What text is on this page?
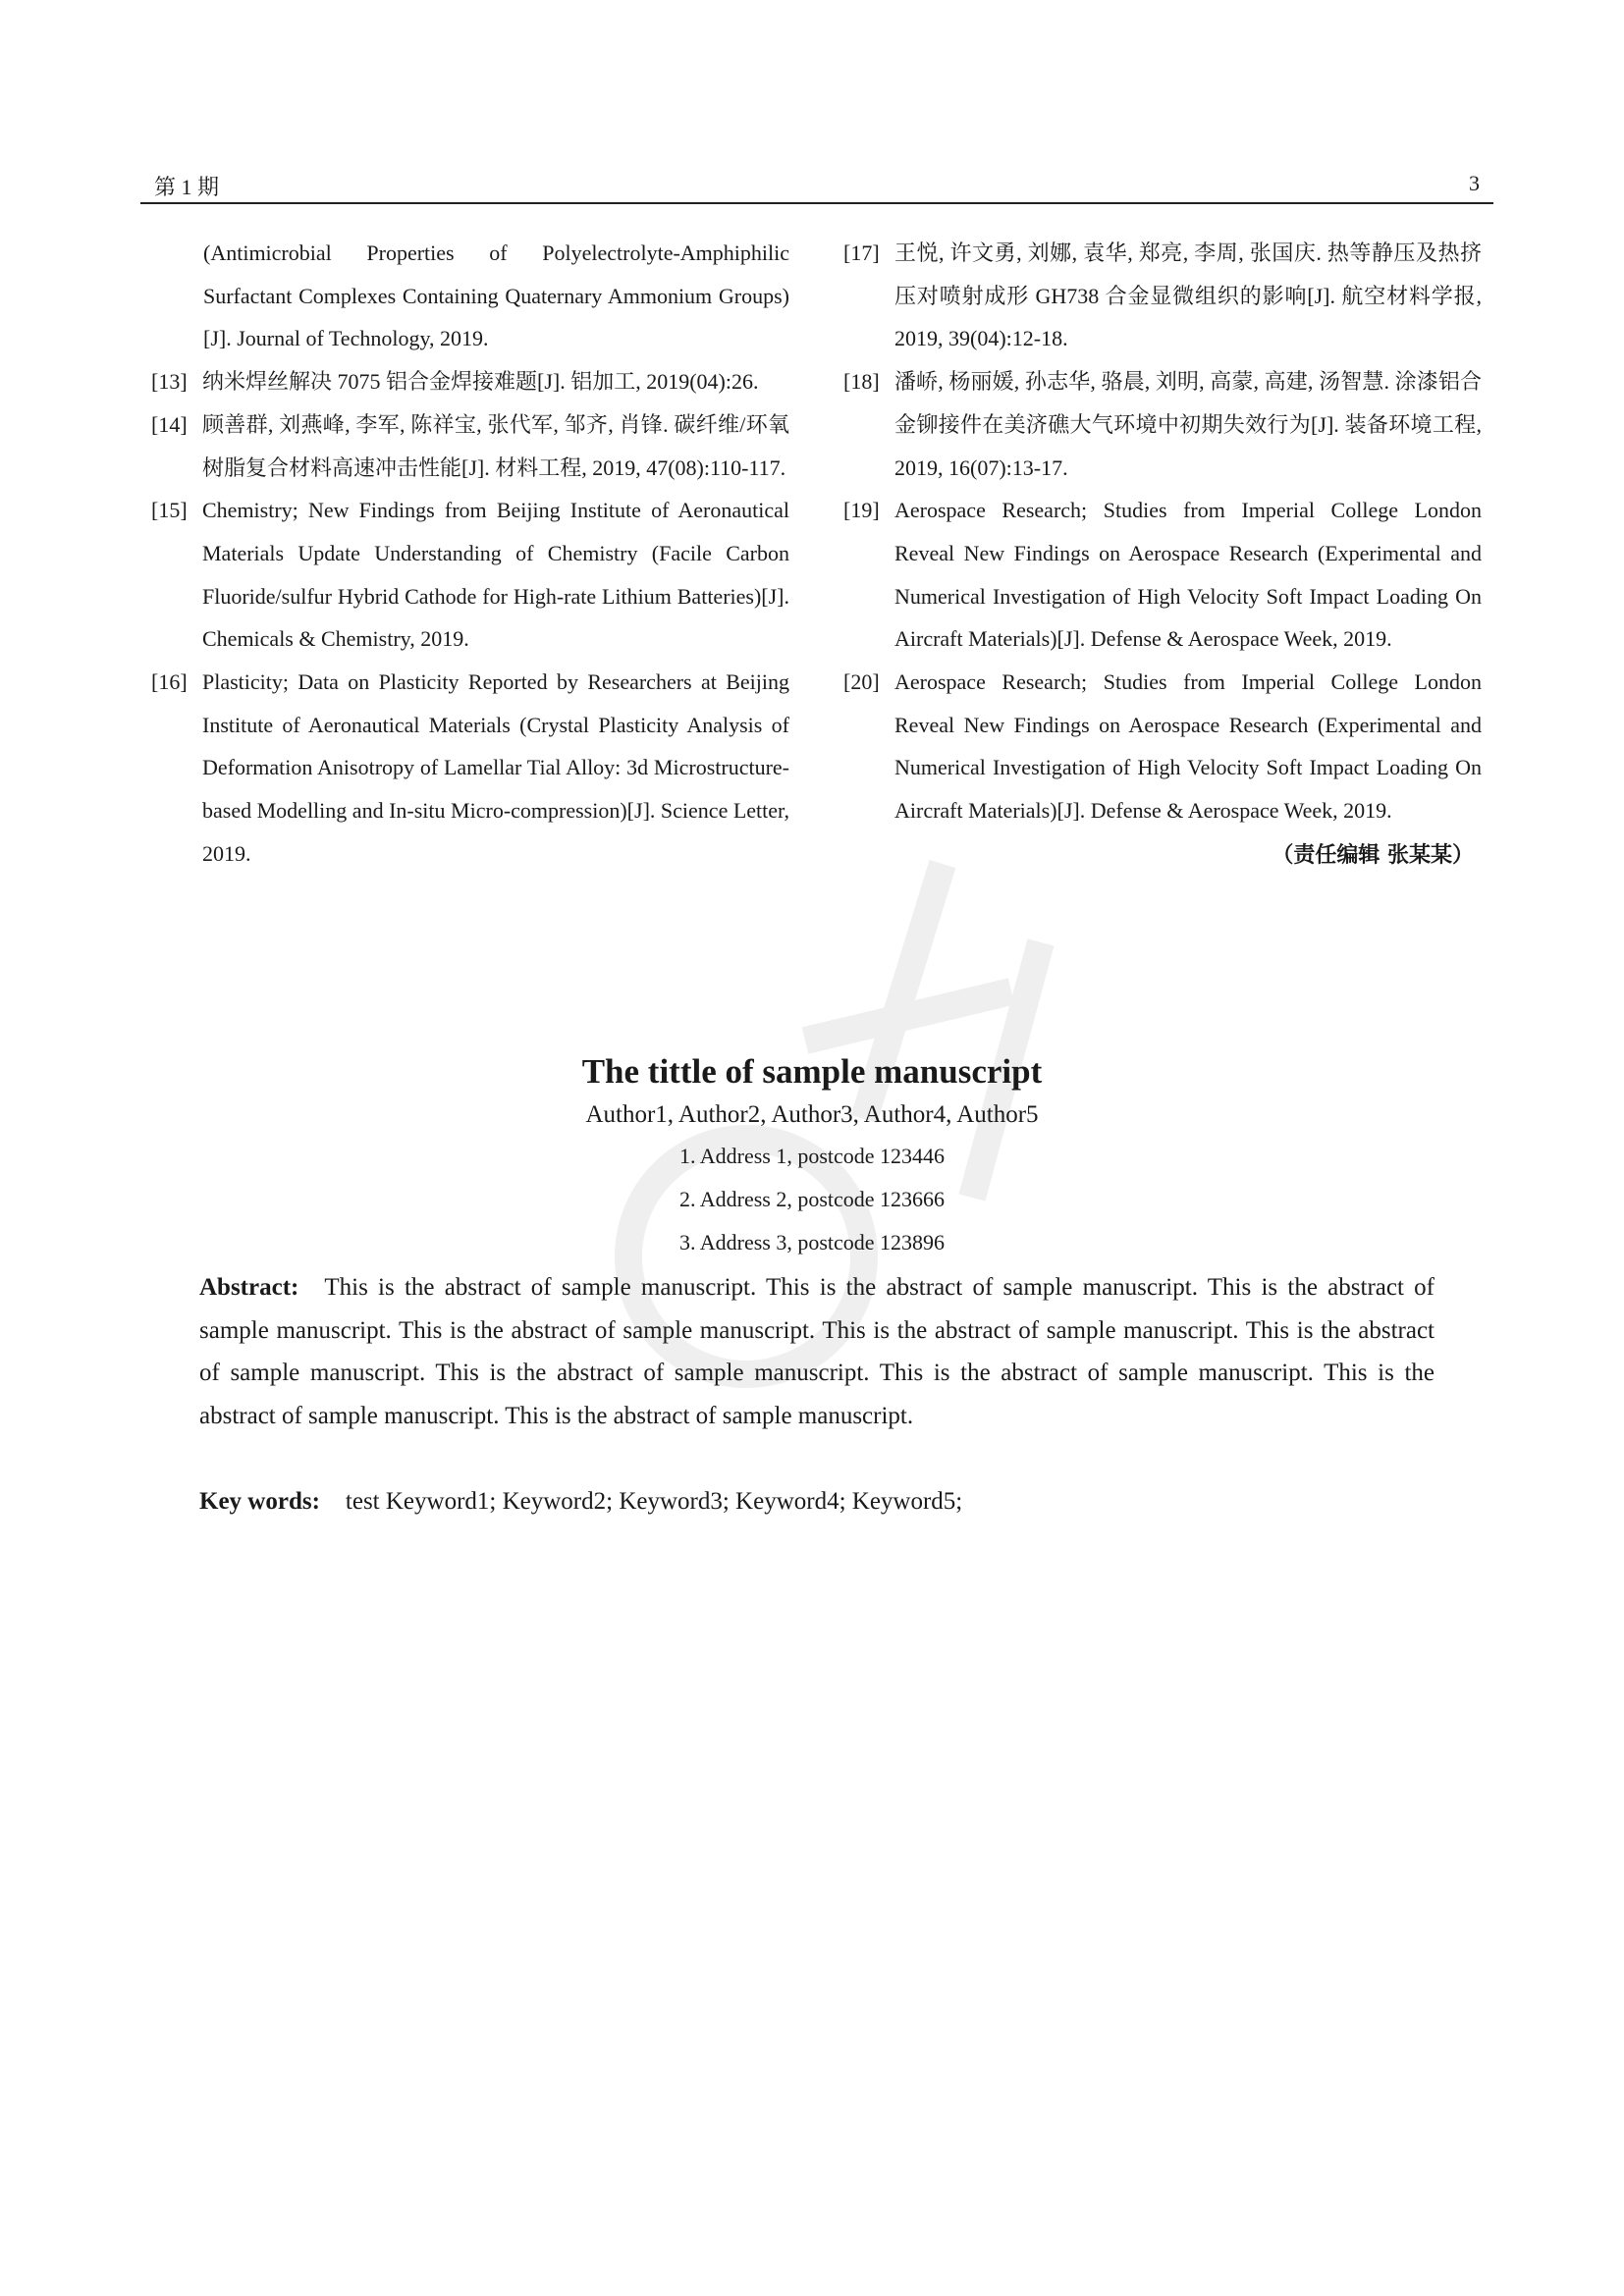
第 1 期	3
(Antimicrobial Properties of Polyelectrolyte-Amphiphilic Surfactant Complexes Containing Quaternary Ammonium Groups)[J]. Journal of Technology, 2019.
[13] 纳米焊丝解决 7075 铝合金焊接难题[J]. 铝加工, 2019(04):26.
[14] 顾善群, 刘燕峰, 李军, 陈祥宝, 张代军, 邹齐, 肖锋. 碳纤维/环氧树脂复合材料高速冲击性能[J]. 材料工程, 2019, 47(08):110-117.
[15] Chemistry; New Findings from Beijing Institute of Aeronautical Materials Update Understanding of Chemistry (Facile Carbon Fluoride/sulfur Hybrid Cathode for High-rate Lithium Batteries)[J]. Chemicals & Chemistry, 2019.
[16] Plasticity; Data on Plasticity Reported by Researchers at Beijing Institute of Aeronautical Materials (Crystal Plasticity Analysis of Deformation Anisotropy of Lamellar Tial Alloy: 3d Microstructure-based Modelling and In-situ Micro-compression)[J]. Science Letter, 2019.
[17] 王悦, 许文勇, 刘娜, 袁华, 郑亮, 李周, 张国庆. 热等静压及热挤压对喷射成形 GH738 合金显微组织的影响[J]. 航空材料学报, 2019, 39(04):12-18.
[18] 潘峤, 杨丽媛, 孙志华, 骆晨, 刘明, 高蒙, 高建, 汤智慧. 涂漆铝合金铆接件在美济礁大气环境中初期失效行为[J]. 装备环境工程, 2019, 16(07):13-17.
[19] Aerospace Research; Studies from Imperial College London Reveal New Findings on Aerospace Research (Experimental and Numerical Investigation of High Velocity Soft Impact Loading On Aircraft Materials)[J]. Defense & Aerospace Week, 2019.
[20] Aerospace Research; Studies from Imperial College London Reveal New Findings on Aerospace Research (Experimental and Numerical Investigation of High Velocity Soft Impact Loading On Aircraft Materials)[J]. Defense & Aerospace Week, 2019.
（责任编辑 张某某）
The tittle of sample manuscript
Author1, Author2, Author3, Author4, Author5
1. Address 1, postcode 123446
2. Address 2, postcode 123666
3. Address 3, postcode 123896
Abstract: This is the abstract of sample manuscript. This is the abstract of sample manuscript. This is the abstract of sample manuscript. This is the abstract of sample manuscript. This is the abstract of sample manuscript. This is the abstract of sample manuscript. This is the abstract of sample manuscript. This is the abstract of sample manuscript. This is the abstract of sample manuscript. This is the abstract of sample manuscript.
Key words: test Keyword1; Keyword2; Keyword3; Keyword4; Keyword5;
